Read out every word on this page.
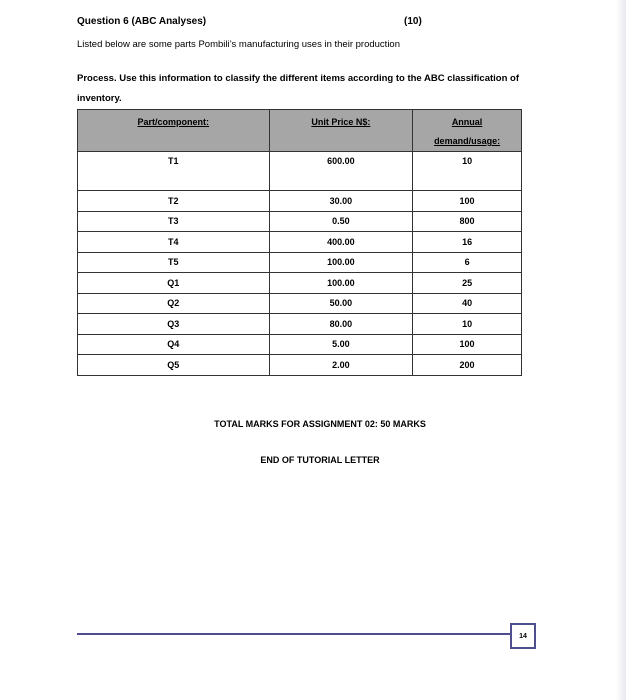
Question 6 (ABC Analyses)	(10)

Listed below are some parts Pombili’s manufacturing uses in their production

Process. Use this information to classify the different items according to the ABC classification of inventory.

Part/component:	Unit Price N$:	Annual
demand/usage:
T1	600.00	10
T2	30.00	100
T3	0.50	800
T4	400.00	16
T5	100.00	6
Q1	100.00	25
Q2	50.00	40
Q3	80.00	10
Q4	5.00	100
Q5	2.00	200
TOTAL MARKS FOR ASSIGNMENT 02: 50 MARKS
END OF TUTORIAL LETTER
14
